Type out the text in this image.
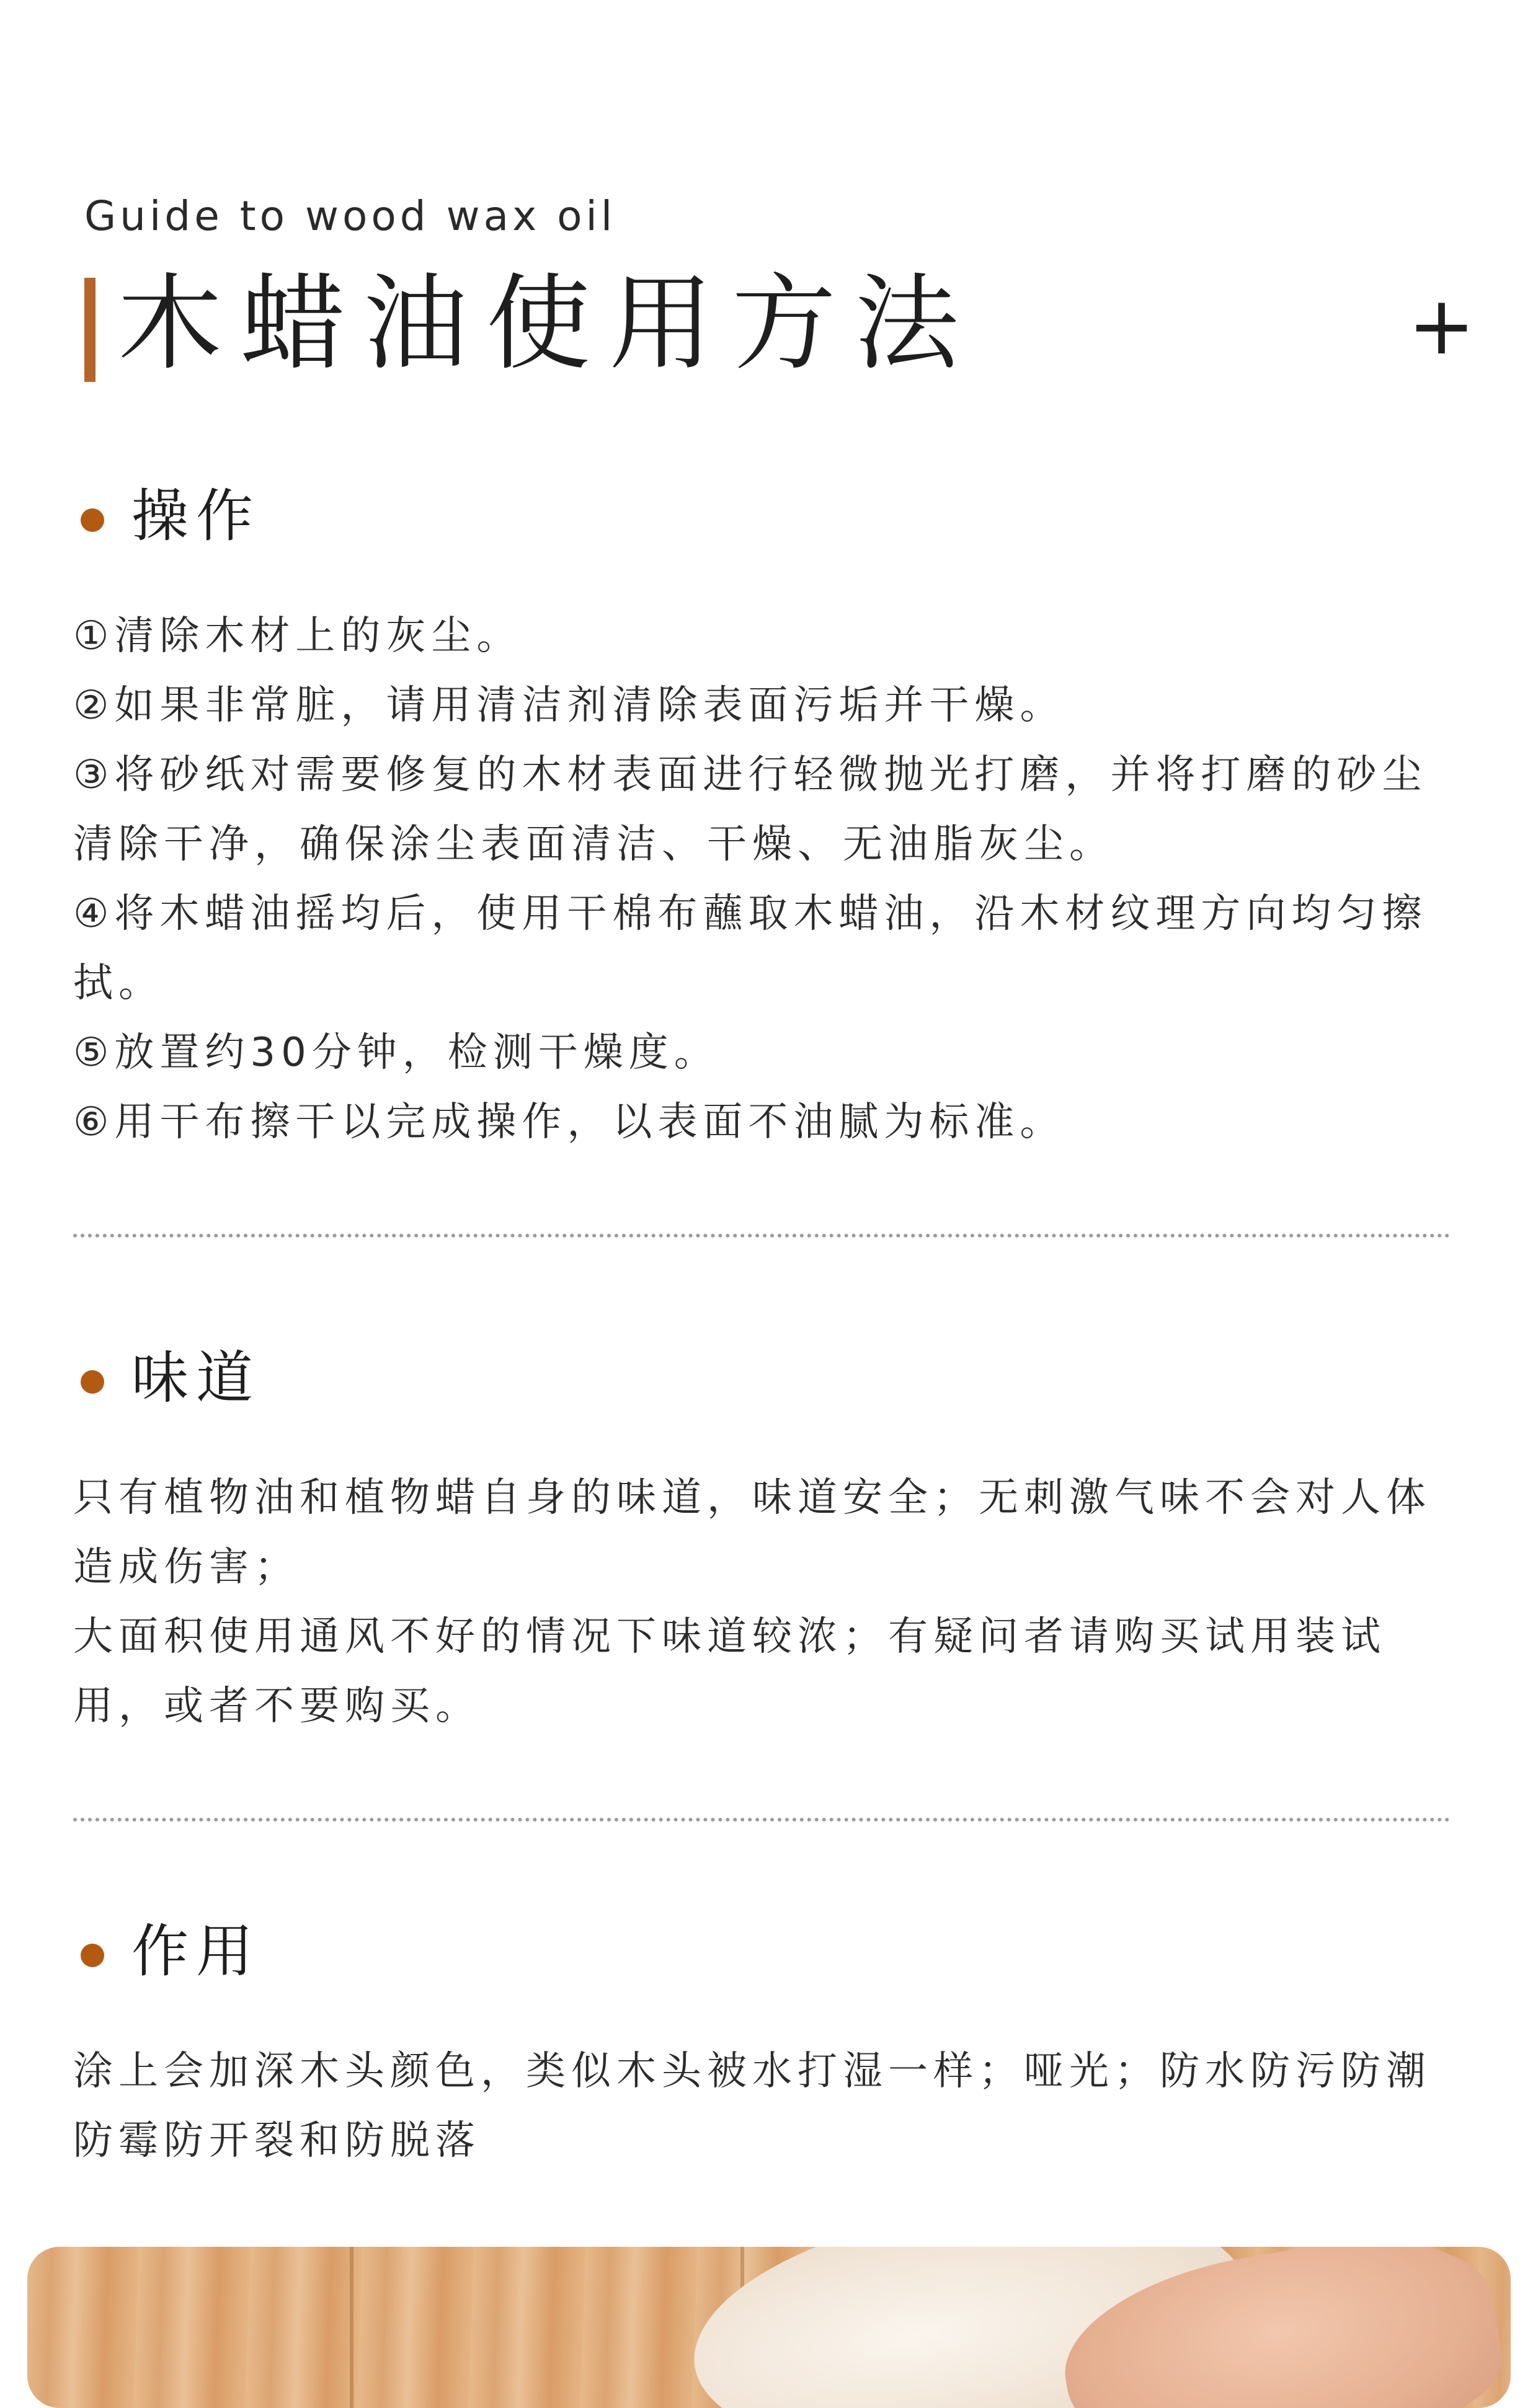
Guide to wood wax oil
木蜡油使用方法	+
操作

①清除木材上的灰尘。

②如果非常脏，请用清洁剂清除表面污垢并干燥。

③将砂纸对需要修复的木材表面进行轻微抛光打磨，并将打磨的砂尘清除干净，确保涂尘表面清洁、干燥、无油脂灰尘。

④将木蜡油摇均后，使用干棉布蘸取木蜡油，沿木材纹理方向均匀擦拭。

⑤放置约30分钟，检测干燥度。

⑥用干布擦干以完成操作，以表面不油腻为标准。

味道

只有植物油和植物蜡自身的味道，味道安全；无刺激气味不会对人体造成伤害；

大面积使用通风不好的情况下味道较浓；有疑问者请购买试用装试用，或者不要购买。

作用

涂上会加深木头颜色，类似木头被水打湿一样；哑光；防水防污防潮防霉防开裂和防脱落
